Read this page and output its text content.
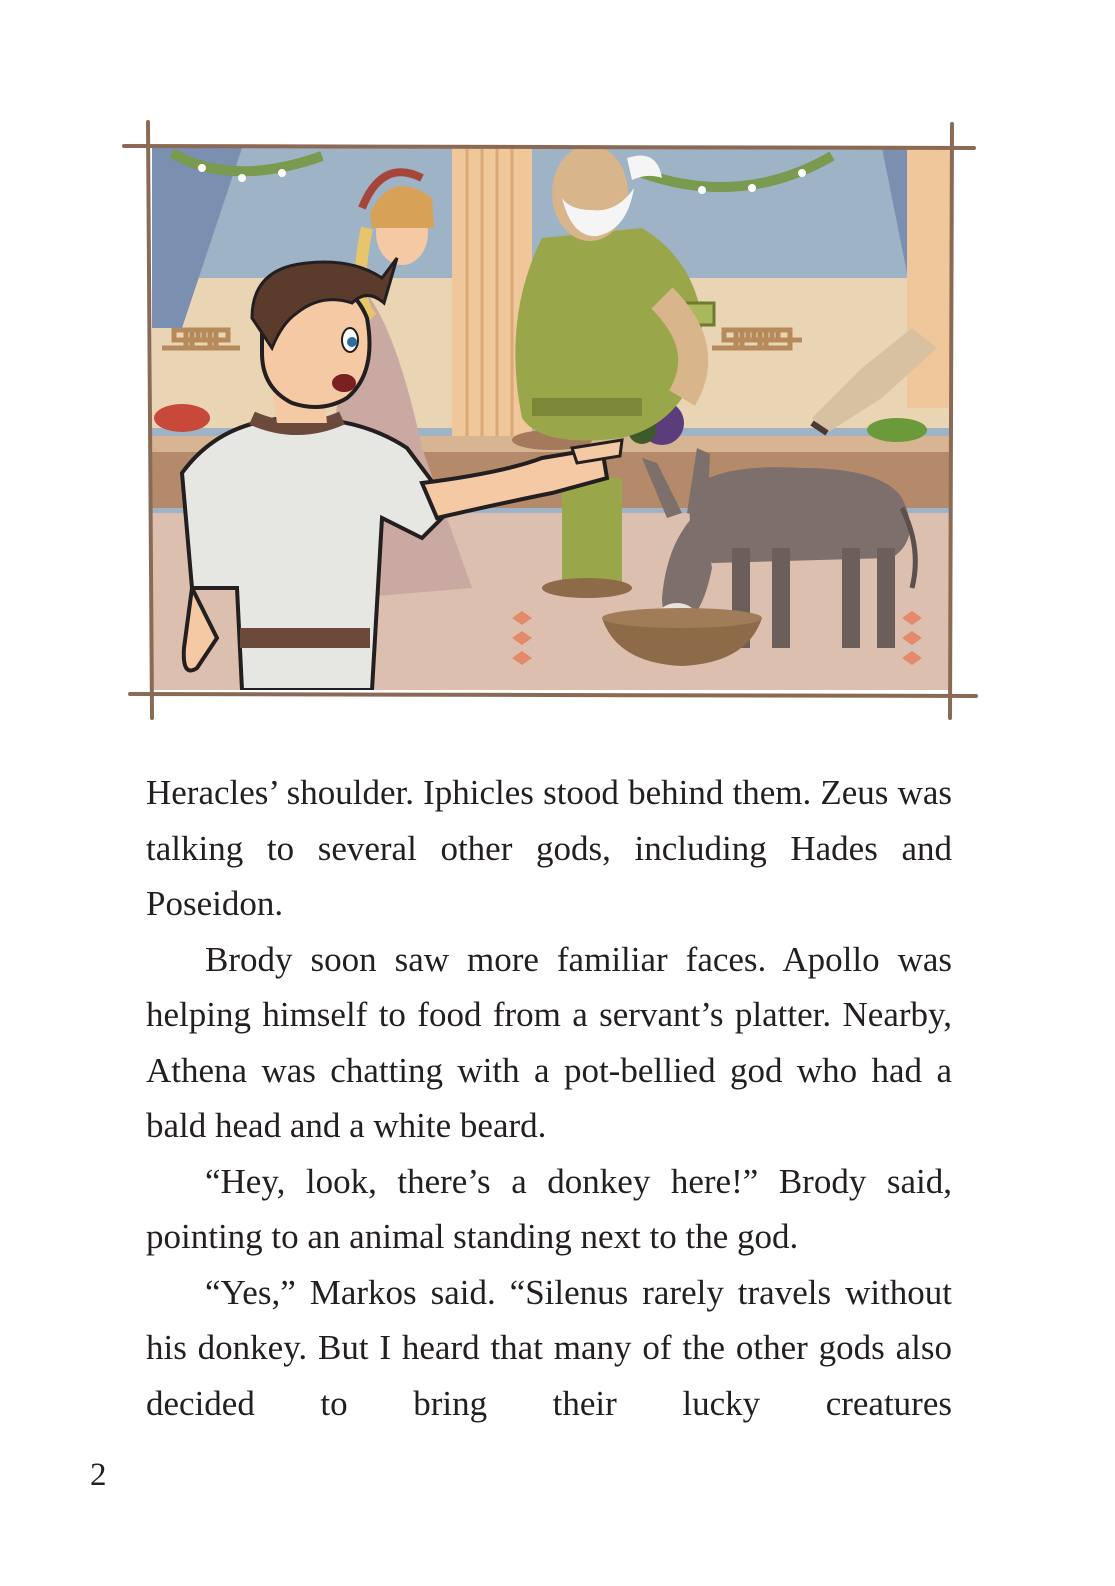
Heracles’ shoulder. Iphicles stood behind them. Zeus was talking to several other gods, including Hades and Poseidon.

Brody soon saw more familiar faces. Apollo was helping himself to food from a servant’s platter. Nearby, Athena was chatting with a pot-bellied god who had a bald head and a white beard.

“Hey, look, there’s a donkey here!” Brody said, pointing to an animal standing next to the god.

“Yes,” Markos said. “Silenus rarely travels without his donkey. But I heard that many of the other gods also decided to bring their lucky creatures

2
